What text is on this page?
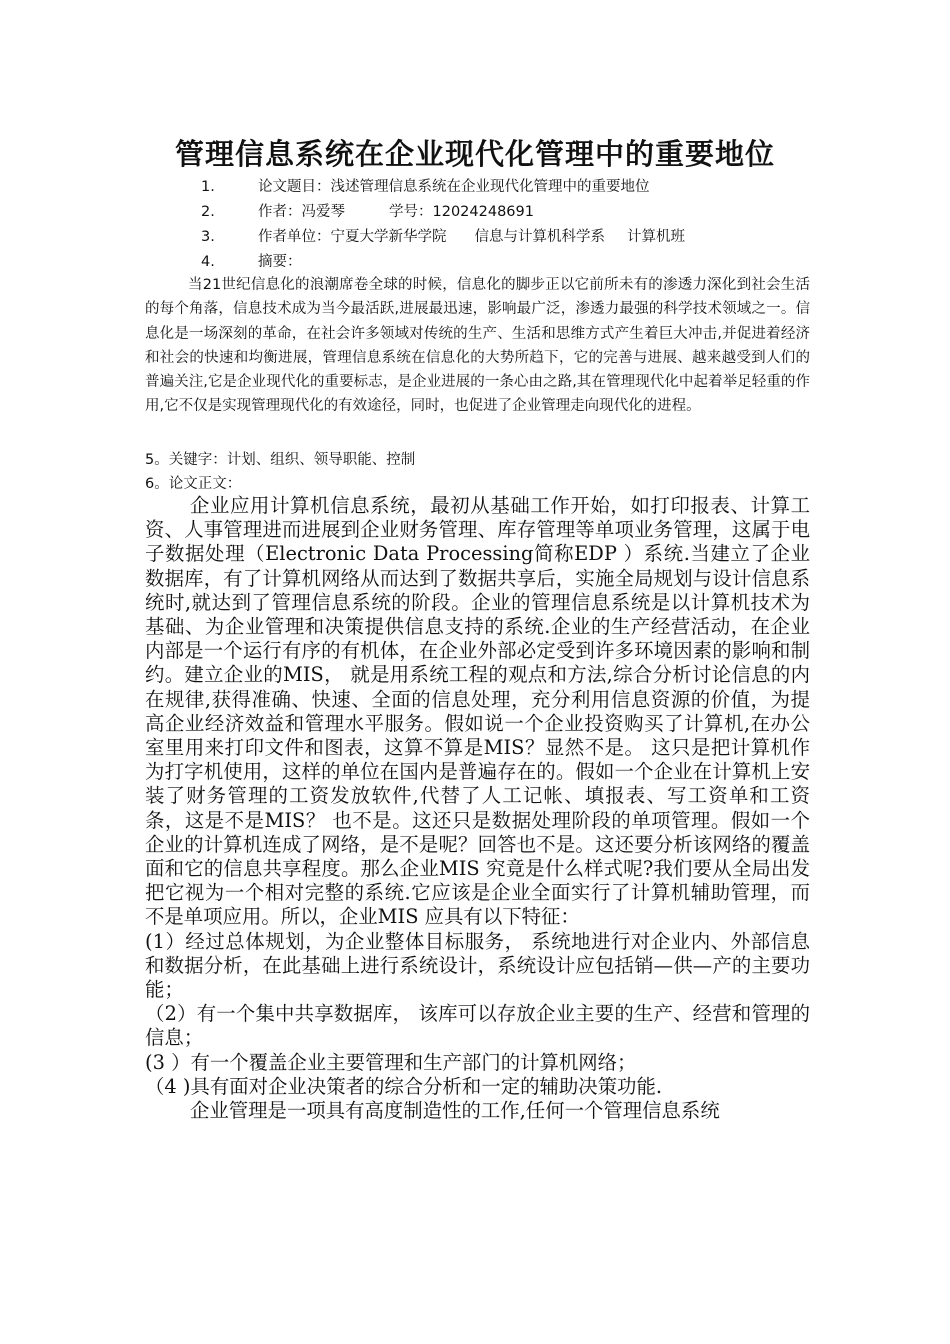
管理信息系统在企业现代化管理中的重要地位
1.	论文题目：浅述管理信息系统在企业现代化管理中的重要地位
2.	作者：冯爱琴	学号：12024248691
3.	作者单位：宁夏大学新华学院 信息与计算机科学系 计算机班
4.	摘要：
当21世纪信息化的浪潮席卷全球的时候，信息化的脚步正以它前所未有的渗透力深化到社会生活的每个角落，信息技术成为当今最活跃,进展最迅速，影响最广泛，渗透力最强的科学技术领域之一。信息化是一场深刻的革命，在社会许多领域对传统的生产、生活和思维方式产生着巨大冲击,并促进着经济和社会的快速和均衡进展，管理信息系统在信息化的大势所趋下，它的完善与进展、越来越受到人们的普遍关注,它是企业现代化的重要标志，是企业进展的一条心由之路,其在管理现代化中起着举足轻重的作用,它不仅是实现管理现代化的有效途径，同时，也促进了企业管理走向现代化的进程。
5。关键字：计划、组织、领导职能、控制
6。论文正文：

企业应用计算机信息系统，最初从基础工作开始，如打印报表、计算工资、人事管理进而进展到企业财务管理、库存管理等单项业务管理，这属于电子数据处理（Electronic Data Processing简称EDP ）系统.当建立了企业数据库，有了计算机网络从而达到了数据共享后，实施全局规划与设计信息系统时,就达到了管理信息系统的阶段。企业的管理信息系统是以计算机技术为基础、为企业管理和决策提供信息支持的系统.企业的生产经营活动，在企业内部是一个运行有序的有机体，在企业外部必定受到许多环境因素的影响和制约。建立企业的MIS， 就是用系统工程的观点和方法,综合分析讨论信息的内在规律,获得准确、快速、全面的信息处理，充分利用信息资源的价值，为提高企业经济效益和管理水平服务。假如说一个企业投资购买了计算机,在办公室里用来打印文件和图表，这算不算是MIS？显然不是。 这只是把计算机作为打字机使用，这样的单位在国内是普遍存在的。假如一个企业在计算机上安装了财务管理的工资发放软件,代替了人工记帐、填报表、写工资单和工资条，这是不是MIS？ 也不是。这还只是数据处理阶段的单项管理。假如一个企业的计算机连成了网络，是不是呢？回答也不是。这还要分析该网络的覆盖面和它的信息共享程度。那么企业MIS 究竟是什么样式呢?我们要从全局出发把它视为一个相对完整的系统.它应该是企业全面实行了计算机辅助管理，而不是单项应用。所以，企业MIS 应具有以下特征：

(1）经过总体规划，为企业整体目标服务， 系统地进行对企业内、外部信息和数据分析，在此基础上进行系统设计，系统设计应包括销—供—产的主要功能；

（2）有一个集中共享数据库， 该库可以存放企业主要的生产、经营和管理的信息；

(3 ）有一个覆盖企业主要管理和生产部门的计算机网络；

（4 )具有面对企业决策者的综合分析和一定的辅助决策功能.

企业管理是一项具有高度制造性的工作,任何一个管理信息系统
